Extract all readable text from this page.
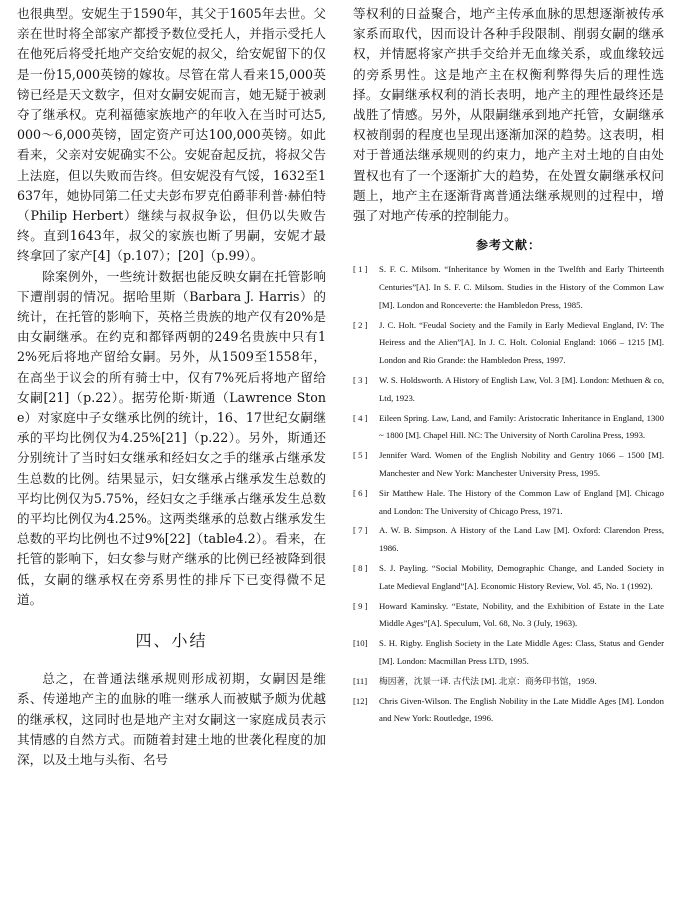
也很典型。安妮生于1590年，其父于1605年去世。父亲在世时将全部家产都授予数位受托人，并指示受托人在他死后将受托地产交给安妮的叔父，给安妮留下的仅是一份15,000英镑的嫁妆。尽管在常人看来15,000英镑已经是天文数字，但对女嗣安妮而言，她无疑于被剥夺了继承权。克利福德家族地产的年收入在当时可达5,000～6,000英镑，固定资产可达100,000英镑。如此看来，父亲对安妮确实不公。安妮奋起反抗，将叔父告上法庭，但以失败而告终。但安妮没有气馁，1632至1637年，她协同第二任丈夫彭布罗克伯爵菲利普·赫伯特（Philip Herbert）继续与叔叔争讼，但仍以失败告终。直到1643年，叔父的家族也断了男嗣，安妮才最终拿回了家产[4]（p.107）；[20]（p.99）。

除案例外，一些统计数据也能反映女嗣在托管影响下遭削弱的情况。据哈里斯（Barbara J. Harris）的统计，在托管的影响下，英格兰贵族的地产仅有20%是由女嗣继承。在约克和都铎两朝的249名贵族中只有12%死后将地产留给女嗣。另外，从1509至1558年，在高坐于议会的所有骑士中，仅有7%死后将地产留给女嗣[21]（p.22）。据劳伦斯·斯通（Lawrence Stone）对家庭中子女继承比例的统计，16、17世纪女嗣继承的平均比例仅为4.25%[21]（p.22）。另外，斯通还分别统计了当时妇女继承和经妇女之手的继承占继承发生总数的比例。结果显示，妇女继承占继承发生总数的平均比例仅为5.75%，经妇女之手继承占继承发生总数的平均比例仅为4.25%。这两类继承的总数占继承发生总数的平均比例也不过9%[22]（table4.2）。看来，在托管的影响下，妇女参与财产继承的比例已经被降到很低，女嗣的继承权在旁系男性的排斥下已变得微不足道。

四、小结

总之，在普通法继承规则形成初期，女嗣因是维系、传递地产主的血脉的唯一继承人而被赋予颇为优越的继承权，这同时也是地产主对女嗣这一家庭成员表示其情感的自然方式。而随着封建土地的世袭化程度的加深，以及土地与头衔、名号

等权利的日益聚合，地产主传承血脉的思想逐渐被传承家系而取代，因而设计各种手段限制、削弱女嗣的继承权，并情愿将家产拱手交给并无血缘关系，或血缘较远的旁系男性。这是地产主在权衡利弊得失后的理性选择。女嗣继承权利的消长表明，地产主的理性最终还是战胜了情感。另外，从限嗣继承到地产托管，女嗣继承权被削弱的程度也呈现出逐渐加深的趋势。这表明，相对于普通法继承规则的约束力，地产主对土地的自由处置权也有了一个逐渐扩大的趋势，在处置女嗣继承权问题上，地产主在逐渐背离普通法继承规则的过程中，增强了对地产传承的控制能力。

参考文献：
[ 1 ]	S. F. C. Milsom. “Inheritance by Women in the Twelfth and Early Thirteenth Centuries”[A]. In S. F. C. Milsom. Studies in the History of the Common Law [M]. London and Ronceverte: the Hambledon Press, 1985.
[ 2 ]	J. C. Holt. “Feudal Society and the Family in Early Medieval England, IV: The Heiress and the Alien”[A]. In J. C. Holt. Colonial England: 1066 – 1215 [M]. London and Rio Grande: the Hambledon Press, 1997.
[ 3 ]	W. S. Holdsworth. A History of English Law, Vol. 3 [M]. London: Methuen & co, Ltd, 1923.
[ 4 ]	Eileen Spring. Law, Land, and Family: Aristocratic Inheritance in England, 1300 ~ 1800 [M]. Chapel Hill. NC: The University of North Carolina Press, 1993.
[ 5 ]	Jennifer Ward. Women of the English Nobility and Gentry 1066 – 1500 [M]. Manchester and New York: Manchester University Press, 1995.
[ 6 ]	Sir Matthew Hale. The History of the Common Law of England [M]. Chicago and London: The University of Chicago Press, 1971.
[ 7 ]	A. W. B. Simpson. A History of the Land Law [M]. Oxford: Clarendon Press, 1986.
[ 8 ]	S. J. Payling. “Social Mobility, Demographic Change, and Landed Society in Late Medieval England”[A]. Economic History Review, Vol. 45, No. 1 (1992).
[ 9 ]	Howard Kaminsky. “Estate, Nobility, and the Exhibition of Estate in the Late Middle Ages”[A]. Speculum, Vol. 68, No. 3 (July, 1963).
[10]	S. H. Rigby. English Society in the Late Middle Ages: Class, Status and Gender [M]. London: Macmillan Press LTD, 1995.
[11]	梅因著，沈景一译. 古代法 [M]. 北京：商务印书馆，1959.
[12]	Chris Given-Wilson. The English Nobility in the Late Middle Ages [M]. London and New York: Routledge, 1996.
